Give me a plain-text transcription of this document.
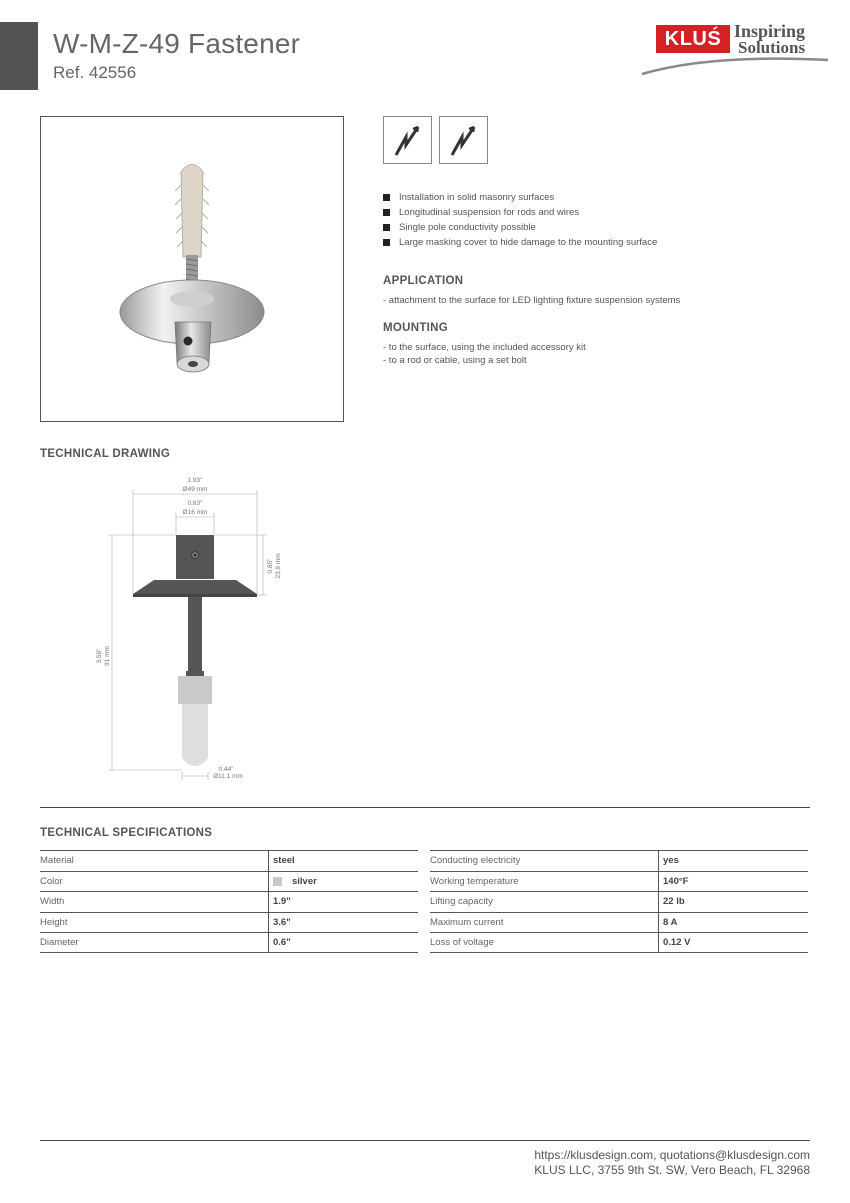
W-M-Z-49 Fastener
Ref. 42556
KLUŚ Inspiring
Solutions
Installation in solid masonry surfaces
Longitudinal suspension for rods and wires
Single pole conductivity possible
Large masking cover to hide damage to the mounting surface
APPLICATION
- attachment to the surface for LED lighting fixture suspension systems
MOUNTING
- to the surface, using the included accessory kit
- to a rod or cable, using a set bolt
TECHNICAL DRAWING
1.93"
Ø49 mm
0.63"
Ø16 mm
0.44"
Ø11,1 mm
0.85" 23,9 mm
3.58" 91 mm
TECHNICAL SPECIFICATIONS
Material	steel
Color	silver
Width	1.9"
Height	3.6"
Diameter	0.6"
Conducting electricity	yes
Working temperature	140°F
Lifting capacity	22 lb
Maximum current	8 A
Loss of voltage	0.12 V
https://klusdesign.com, quotations@klusdesign.com
KLUS LLC, 3755 9th St. SW, Vero Beach, FL 32968
